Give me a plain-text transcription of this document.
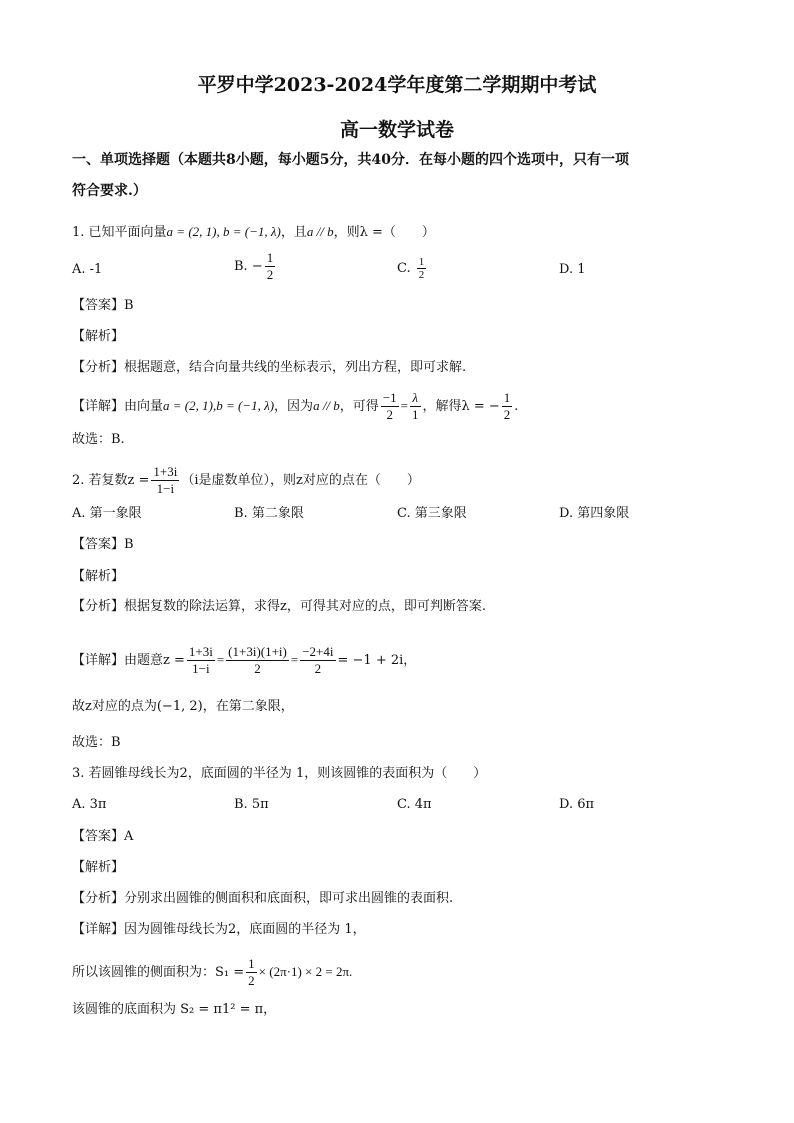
平罗中学2023-2024学年度第二学期期中考试
高一数学试卷
一、单项选择题（本题共8小题，每小题5分，共40分．在每小题的四个选项中，只有一项
符合要求.）
1. 已知平面向量a = (2, 1), b = (−1, λ)，且a // b，则λ =（　　）
A. -1	B. − $\frac{1}{2}$	C. $\frac{1}{2}$	D. 1
【答案】B
【解析】
【分析】根据题意，结合向量共线的坐标表示，列出方程，即可求解.
【详解】由向量a = (2, 1),b = (−1, λ)，因为a // b，可得 $\frac{-1}{2} = \frac{\lambda}{1}$ ，解得λ = − $\frac{1}{2}$ .
故选：B.
2. 若复数$z = \frac{1+3i}{1-i} (i$是虚数单位），则z对应的点在（　　）
A. 第一象限	B. 第二象限	C. 第三象限	D. 第四象限
【答案】B
【解析】
【分析】根据复数的除法运算，求得z，可得其对应的点，即可判断答案.
【详解】由题意$z = \frac{1+3i}{1-i} = \frac{(1+3i)(1+i)}{2} = \frac{-2+4i}{2} = -1 + 2i$，
故z对应的点为(−1, 2)，在第二象限，
故选：B
3. 若圆锥母线长为2，底面圆的半径为 1，则该圆锥的表面积为（　　）
A. 3π	B. 5π	C. 4π	D. 6π
【答案】A
【解析】
【分析】分别求出圆锥的侧面积和底面积，即可求出圆锥的表面积.
【详解】因为圆锥母线长为2，底面圆的半径为 1，
所以该圆锥的侧面积为：$S_1 = \frac{1}{2} \times (2\pi\cdot 1) \times 2 = 2\pi$.
该圆锥的底面积为 S₂ = π1² = π，
